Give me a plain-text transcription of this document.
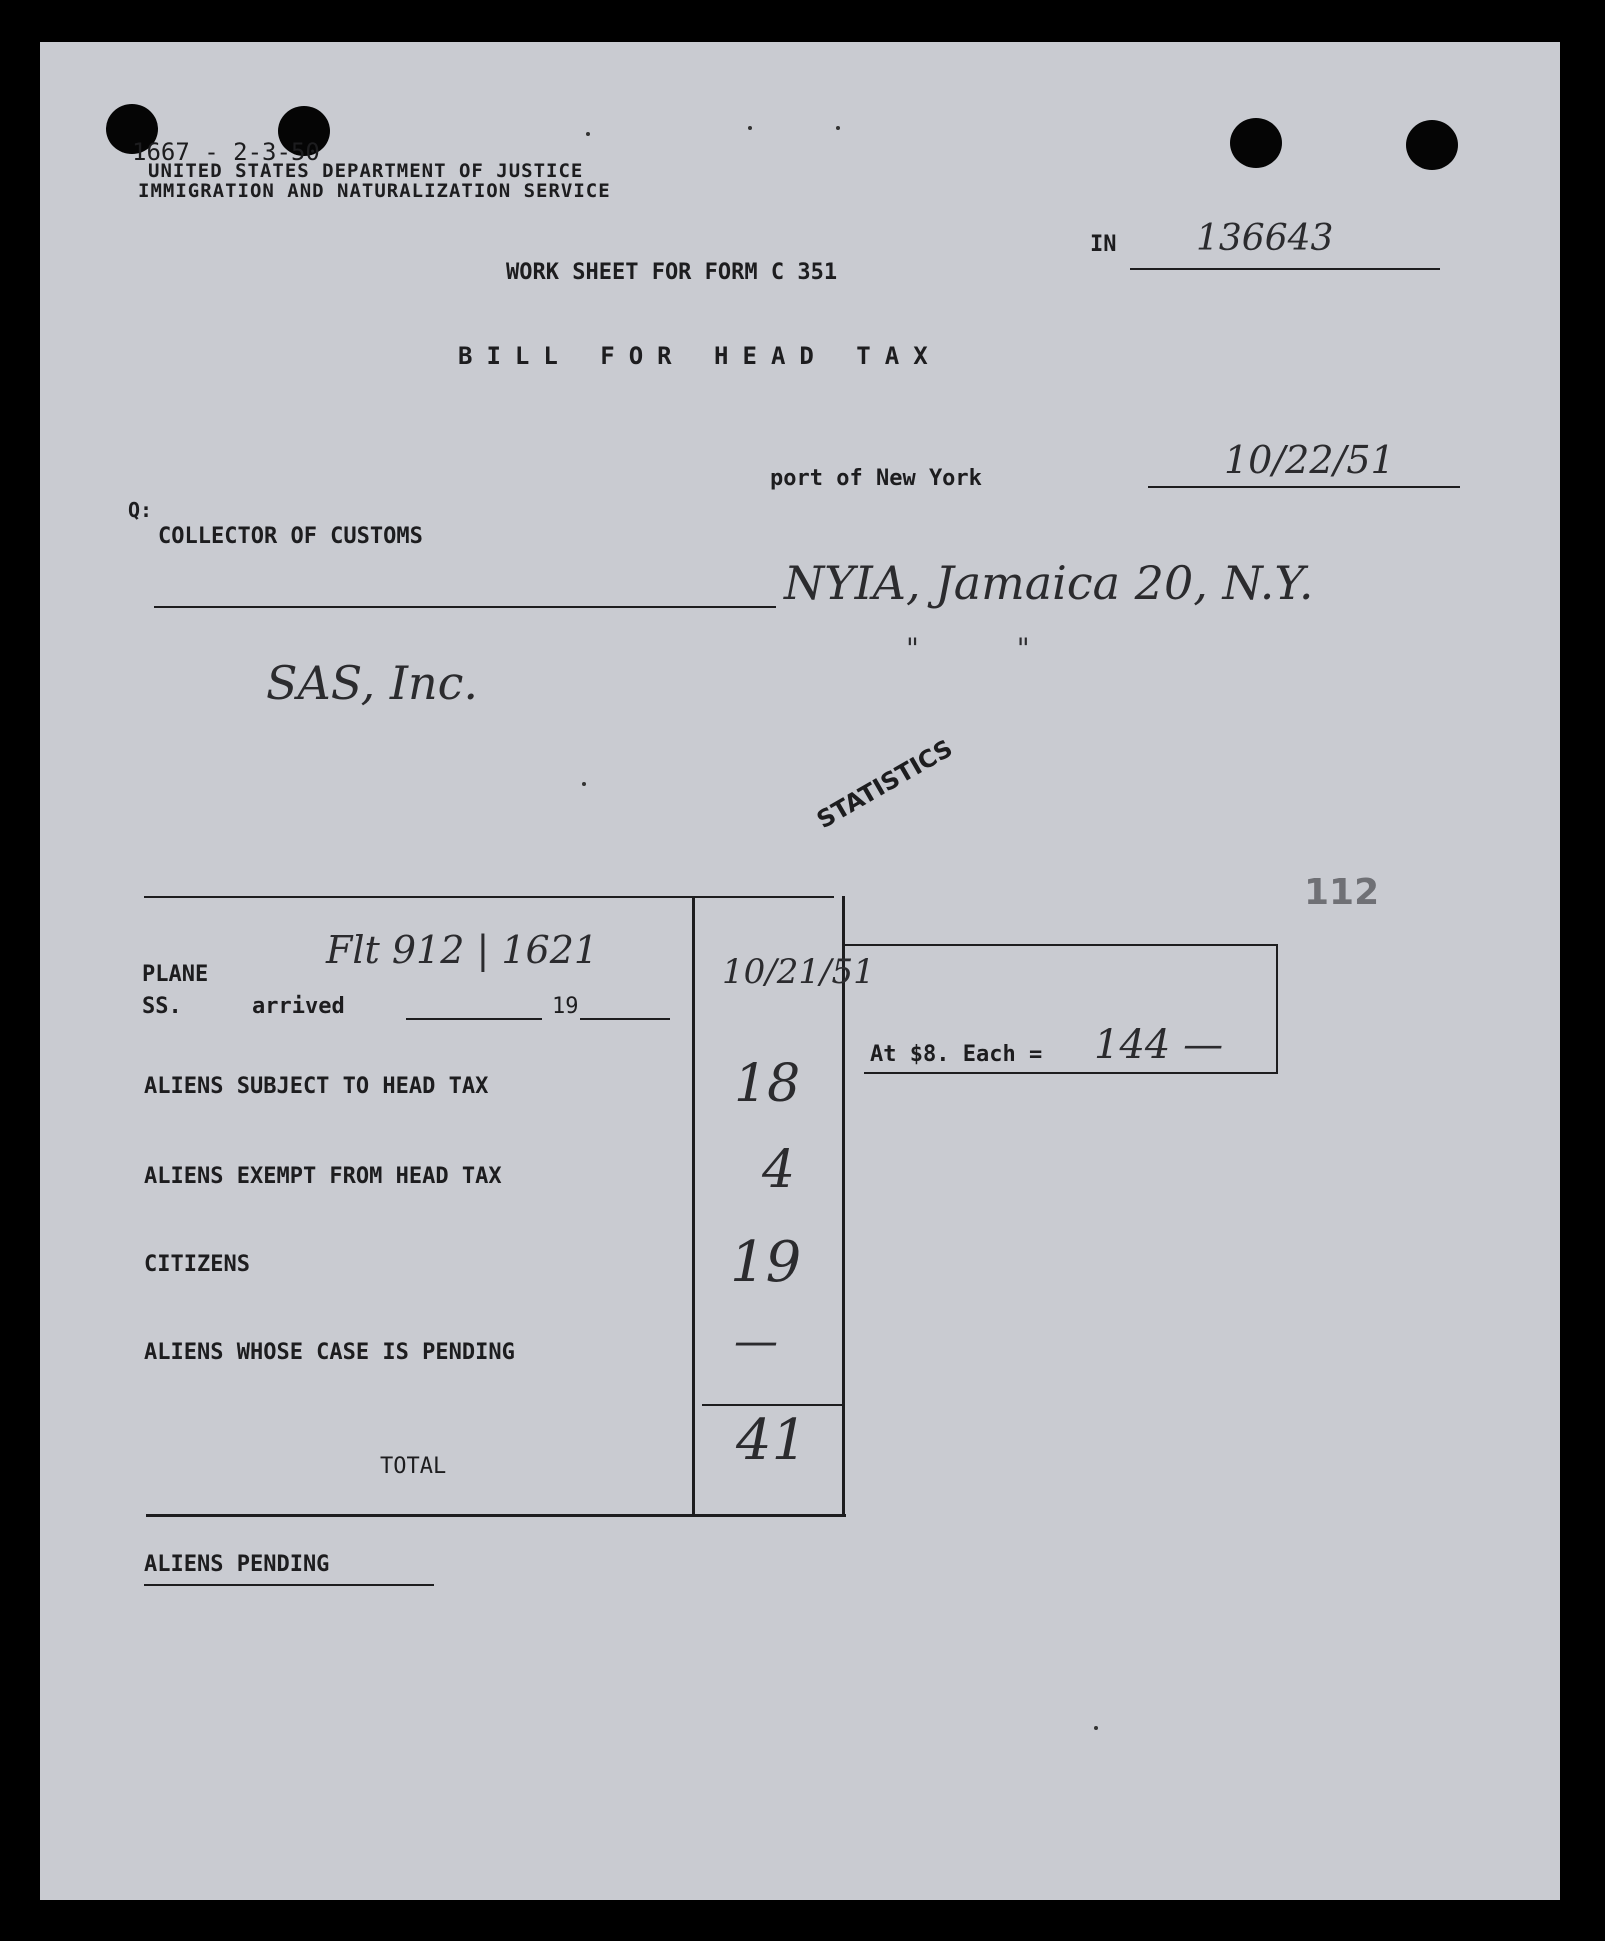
1667 - 2-3-50
UNITED STATES DEPARTMENT OF JUSTICE
IMMIGRATION AND NATURALIZATION SERVICE
IN 136643
WORK SHEET FOR FORM C 351
BILL FOR HEAD TAX
port of New York	10/22/51
Q:
COLLECTOR OF CUSTOMS
NYIA, Jamaica 20, N.Y.
"           "
SAS, Inc.
STATISTICS
112
PLANE
SS.	arrived	19
Flt 912 | 1621	10/21/51
ALIENS SUBJECT TO HEAD TAX	18
ALIENS EXEMPT FROM HEAD TAX	4
CITIZENS	19
ALIENS WHOSE CASE IS PENDING	—
TOTAL	41
At $8. Each = 144 —
ALIENS PENDING
